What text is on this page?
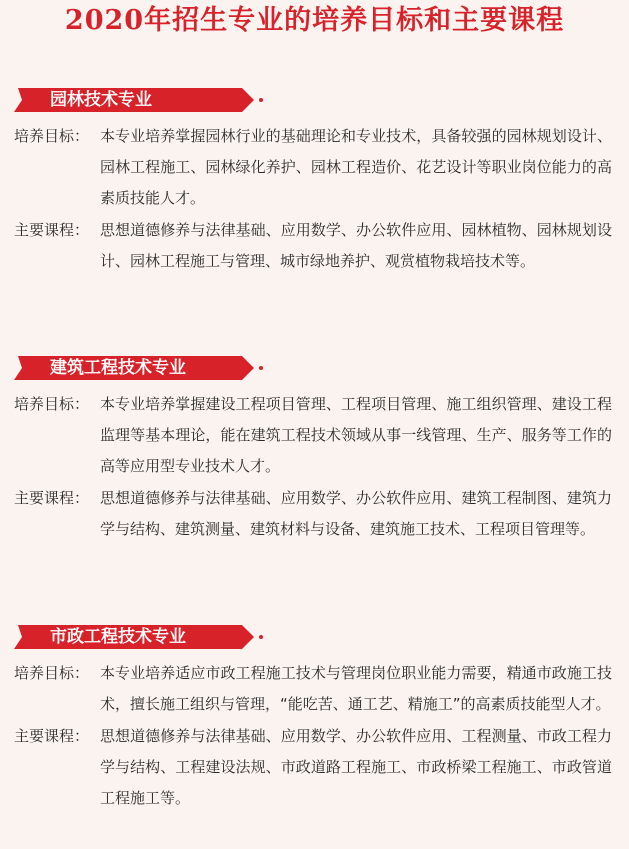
2020年招生专业的培养目标和主要课程
园林技术专业
培养目标： 本专业培养掌握园林行业的基础理论和专业技术，具备较强的园林规划设计、园林工程施工、园林绿化养护、园林工程造价、花艺设计等职业岗位能力的高素质技能人才。
主要课程： 思想道德修养与法律基础、应用数学、办公软件应用、园林植物、园林规划设计、园林工程施工与管理、城市绿地养护、观赏植物栽培技术等。
建筑工程技术专业
培养目标： 本专业培养掌握建设工程项目管理、工程项目管理、施工组织管理、建设工程监理等基本理论，能在建筑工程技术领域从事一线管理、生产、服务等工作的高等应用型专业技术人才。
主要课程： 思想道德修养与法律基础、应用数学、办公软件应用、建筑工程制图、建筑力学与结构、建筑测量、建筑材料与设备、建筑施工技术、工程项目管理等。
市政工程技术专业
培养目标： 本专业培养适应市政工程施工技术与管理岗位职业能力需要，精通市政施工技术，擅长施工组织与管理，“能吃苦、通工艺、精施工”的高素质技能型人才。
主要课程： 思想道德修养与法律基础、应用数学、办公软件应用、工程测量、市政工程力学与结构、工程建设法规、市政道路工程施工、市政桥梁工程施工、市政管道工程施工等。
